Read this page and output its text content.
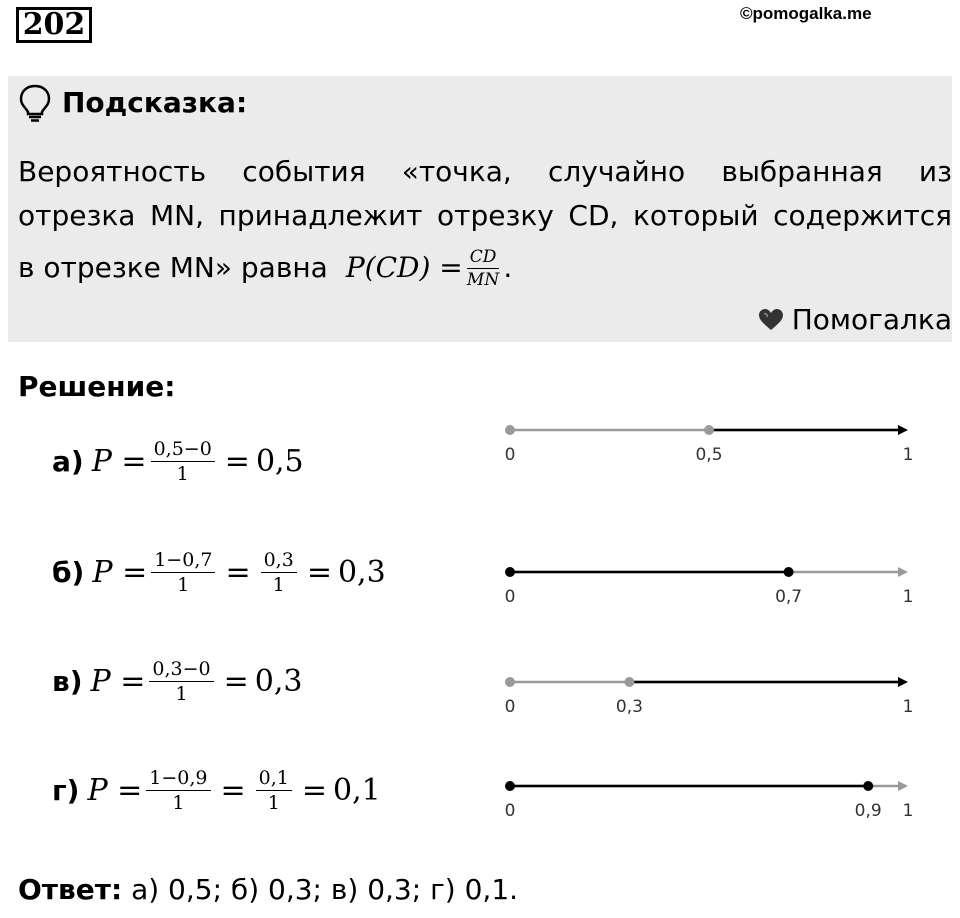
202	©pomogalka.me
Подсказка:
Вероятность события «точка, случайно выбранная из
отрезка MN, принадлежит отрезку CD, который содержится
в отрезке MN» равна $P(CD) = \frac{CD}{MN}$ .
Помогалка
Решение:
а) $P = \frac{0,5-0}{1} = 0,5$
б) $P = \frac{1-0,7}{1} = \frac{0,3}{1} = 0,3$
в) $P = \frac{0,3-0}{1} = 0,3$
г) $P = \frac{1-0,9}{1} = \frac{0,1}{1} = 0,1$
0	0,5	1
0	0,7	1
0	0,3	1
0	0,9 1
Ответ: а) 0,5; б) 0,3; в) 0,3; г) 0,1.
